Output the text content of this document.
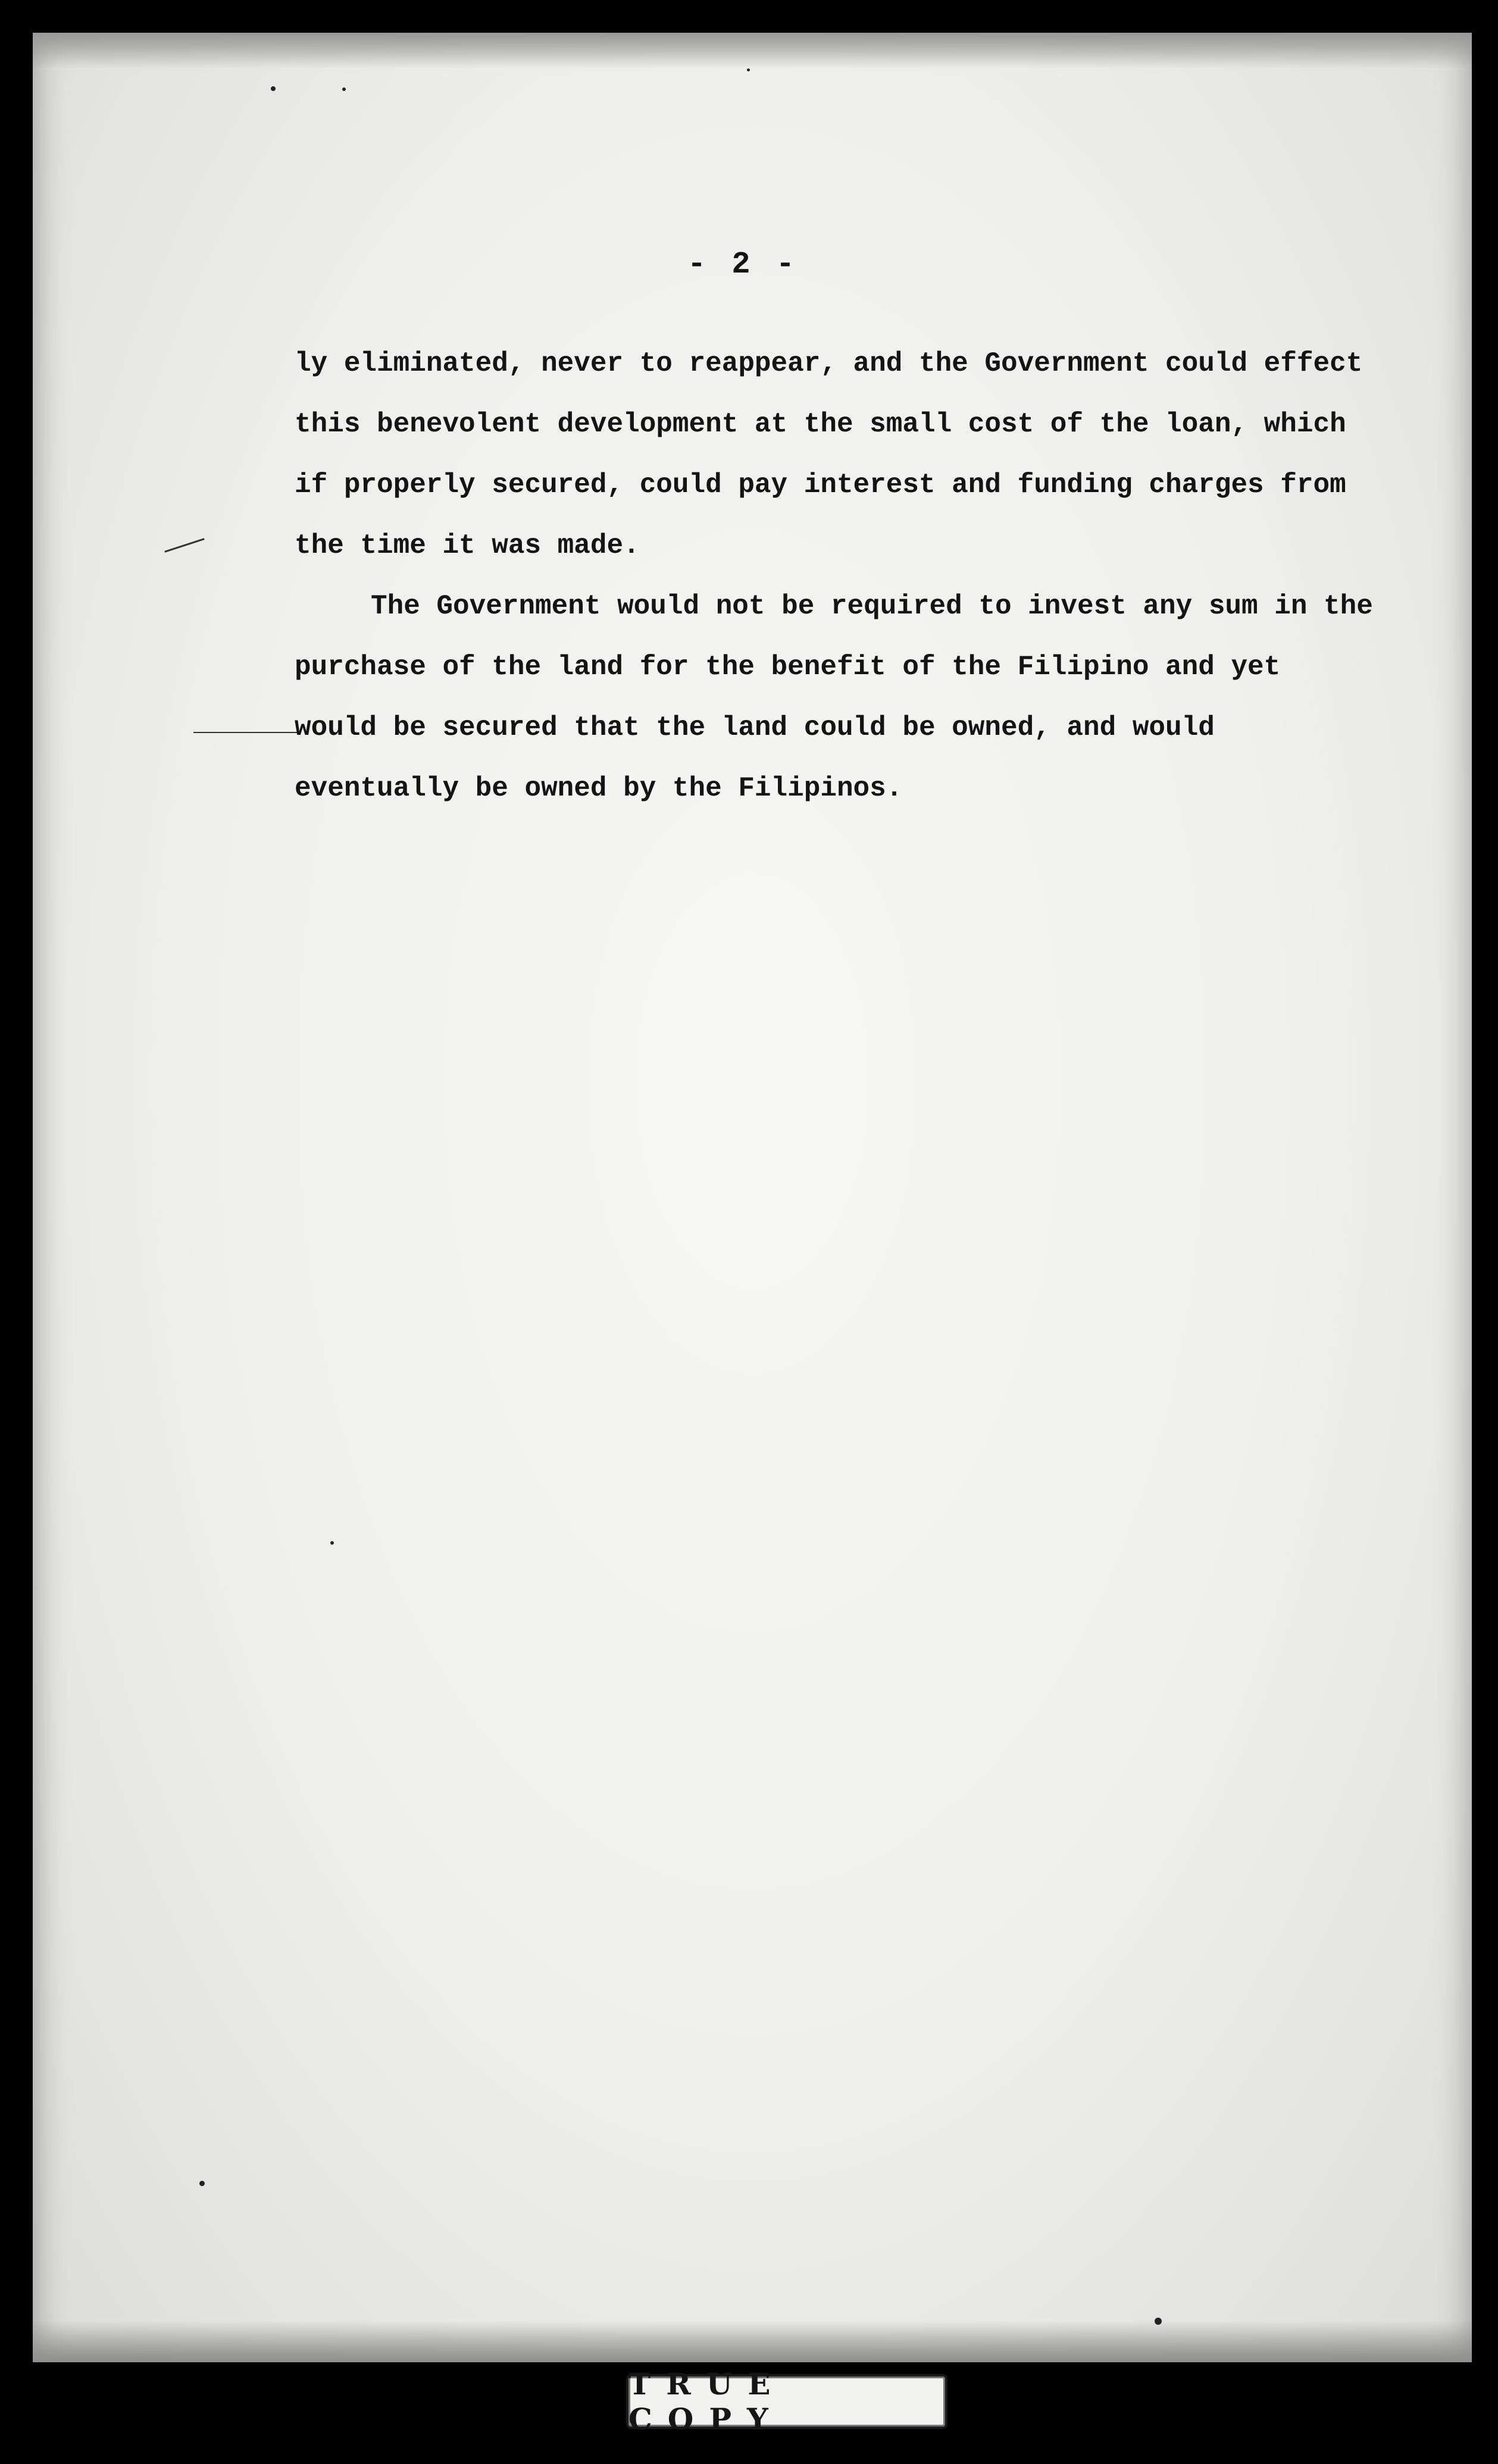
- 2 -

ly eliminated, never to reappear, and the Government could effect this benevolent development at the small cost of the loan, which if properly secured, could pay interest and funding charges from the time it was made.

The Government would not be required to invest any sum in the purchase of the land for the benefit of the Filipino and yet would be secured that the land could be owned, and would eventually be owned by the Filipinos.

TRUE COPY
